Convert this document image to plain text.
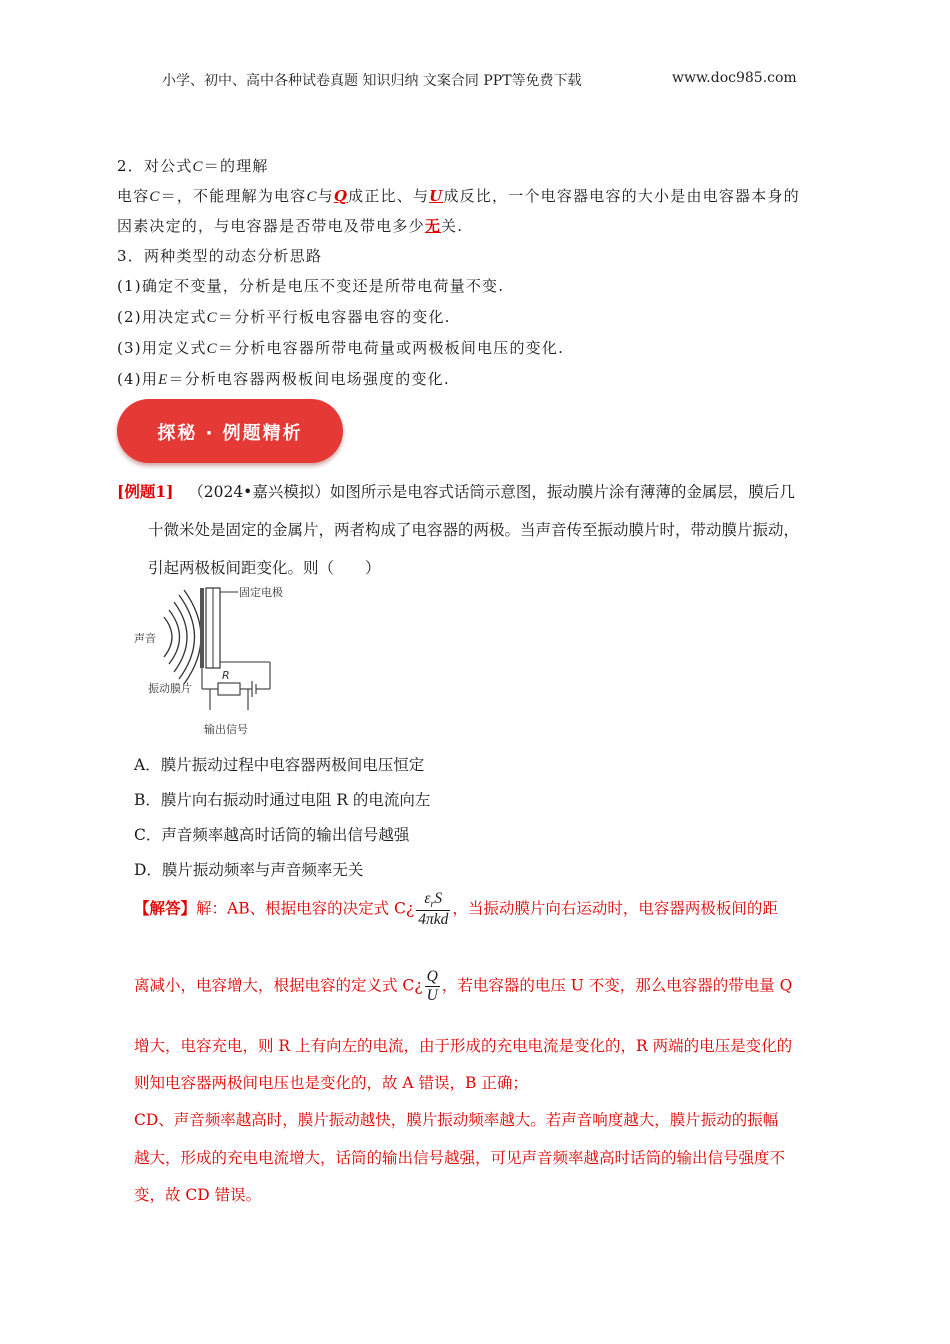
小学、初中、高中各种试卷真题 知识归纳 文案合同 PPT等免费下载	www.doc985.com
2．对公式C＝的理解
电容C＝，不能理解为电容C与Q成正比、与U成反比，一个电容器电容的大小是由电容器本身的
因素决定的，与电容器是否带电及带电多少无关.
3．两种类型的动态分析思路
(1)确定不变量，分析是电压不变还是所带电荷量不变.
(2)用决定式C＝分析平行板电容器电容的变化.
(3)用定义式C＝分析电容器所带电荷量或两极板间电压的变化.
(4)用E＝分析电容器两极板间电场强度的变化.
探秘 · 例题精析
[例题1] （2024•嘉兴模拟）如图所示是电容式话筒示意图，振动膜片涂有薄薄的金属层，膜后几
十微米处是固定的金属片，两者构成了电容器的两极。当声音传至振动膜片时，带动膜片振动，
引起两极板间距变化。则（　　）
固定电极
声音
振动膜片
R
输出信号
A．膜片振动过程中电容器两极间电压恒定
B．膜片向右振动时通过电阻 R 的电流向左
C．声音频率越高时话筒的输出信号越强
D．膜片振动频率与声音频率无关
【解答】解：AB、根据电容的决定式 C¿ $\frac{\varepsilon_rS}{\text{4πkd}}$ ，当振动膜片向右运动时，电容器两极板间的距
离减小，电容增大，根据电容的定义式 C¿ $\frac{Q}{U}$ ，若电容器的电压 U 不变，那么电容器的带电量 Q
增大，电容充电，则 R 上有向左的电流，由于形成的充电电流是变化的，R 两端的电压是变化的
则知电容器两极间电压也是变化的，故 A 错误，B 正确；
CD、声音频率越高时，膜片振动越快，膜片振动频率越大。若声音响度越大，膜片振动的振幅
越大，形成的充电电流增大，话筒的输出信号越强，可见声音频率越高时话筒的输出信号强度不
变，故 CD 错误。
